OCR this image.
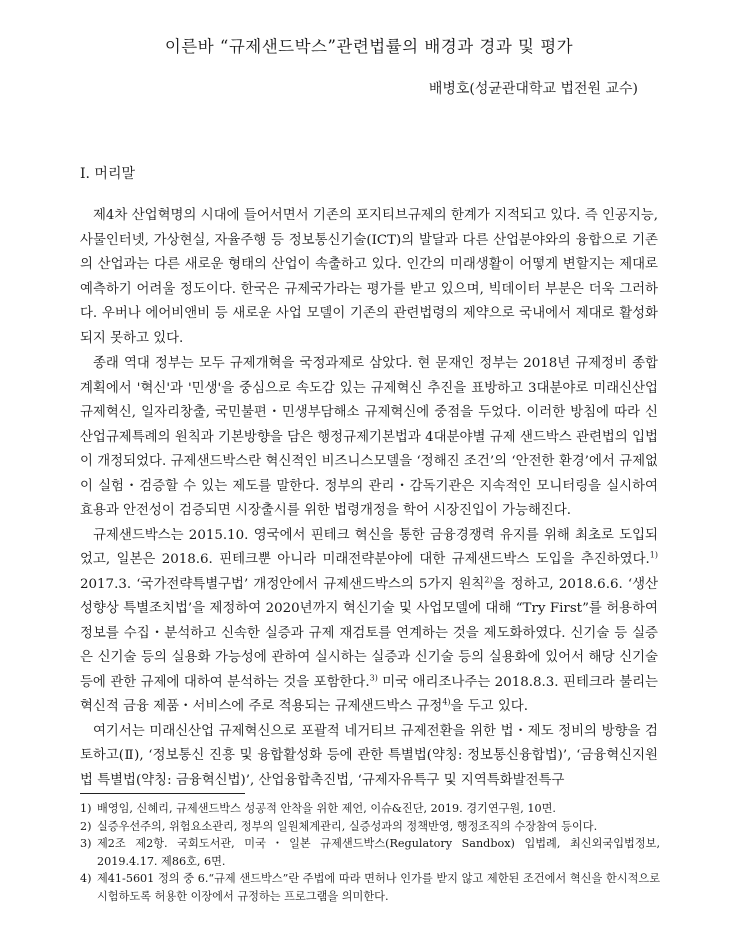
이른바 “규제샌드박스”관련법률의 배경과 경과 및 평가
배병호(성균관대학교 법전원 교수)
Ⅰ. 머리말

제4차 산업혁명의 시대에 들어서면서 기존의 포지티브규제의 한계가 지적되고 있다. 즉 인공지능, 사물인터넷, 가상현실, 자율주행 등 정보통신기술(ICT)의 발달과 다른 산업분야와의 융합으로 기존의 산업과는 다른 새로운 형태의 산업이 속출하고 있다. 인간의 미래생활이 어떻게 변할지는 제대로 예측하기 어려울 정도이다. 한국은 규제국가라는 평가를 받고 있으며, 빅데이터 부분은 더욱 그러하다. 우버나 에어비앤비 등 새로운 사업 모델이 기존의 관련법령의 제약으로 국내에서 제대로 활성화되지 못하고 있다.

종래 역대 정부는 모두 규제개혁을 국정과제로 삼았다. 현 문재인 정부는 2018년 규제정비 종합계획에서 '혁신'과 '민생'을 중심으로 속도감 있는 규제혁신 추진을 표방하고 3대분야로 미래신산업 규제혁신, 일자리창출, 국민불편・민생부담해소 규제혁신에 중점을 두었다. 이러한 방침에 따라 신산업규제특례의 원칙과 기본방향을 담은 행정규제기본법과 4대분야별 규제 샌드박스 관련법의 입법이 개정되었다. 규제샌드박스란 혁신적인 비즈니스모델을 ‘정해진 조건’의 ‘안전한 환경’에서 규제없이 실험・검증할 수 있는 제도를 말한다. 정부의 관리・감독기관은 지속적인 모니터링을 실시하여 효용과 안전성이 검증되면 시장출시를 위한 법령개정을 학어 시장진입이 가능해진다.

규제샌드박스는 2015.10. 영국에서 핀테크 혁신을 통한 금융경쟁력 유지를 위해 최초로 도입되었고, 일본은 2018.6. 핀테크뿐 아니라 미래전략분야에 대한 규제샌드박스 도입을 추진하였다.$^{1)}$ 2017.3. ‘국가전략특별구법’ 개정안에서 규제샌드박스의 5가지 원칙$^{2)}$을 정하고, 2018.6.6. ‘생산성향상 특별조치법’을 제정하여 2020년까지 혁신기술 및 사업모델에 대해 “Try First”를 허용하여 정보를 수집・분석하고 신속한 실증과 규제 재검토를 연계하는 것을 제도화하였다. 신기술 등 실증은 신기술 등의 실용화 가능성에 관하여 실시하는 실증과 신기술 등의 실용화에 있어서 해당 신기술 등에 관한 규제에 대하여 분석하는 것을 포함한다.$^{3)}$ 미국 애리조나주는 2018.8.3. 핀테크라 불리는 혁신적 금융 제품・서비스에 주로 적용되는 규제샌드박스 규정$^{4)}$을 두고 있다.

여기서는 미래신산업 규제혁신으로 포괄적 네거티브 규제전환을 위한 법・제도 정비의 방향을 검토하고(Ⅱ), ‘정보통신 진흥 및 융합활성화 등에 관한 특별법(약칭: 정보통신융합법)’, ‘금융혁신지원법 특별법(약칭: 금융혁신법)’, 산업융합촉진법, ‘규제자유특구 및 지역특화발전특구

1) 배영임, 신혜리, 규제샌드박스 성공적 안착을 위한 제언, 이슈&진단, 2019. 경기연구원, 10면.
2) 실증우선주의, 위험요소관리, 정부의 일원체계관리, 실증성과의 정책반영, 행정조직의 수장참여 등이다.
3) 제2조 제2항. 국회도서관, 미국・일본 규제샌드박스(Regulatory Sandbox) 입법례, 최신외국입법정보, 2019.4.17. 제86호, 6면.
4) 제41-5601 정의 중 6.“규제 샌드박스”란 주법에 따라 면허나 인가를 받지 않고 제한된 조건에서 혁신을 한시적으로 시험하도록 허용한 이장에서 규정하는 프로그램을 의미한다.
